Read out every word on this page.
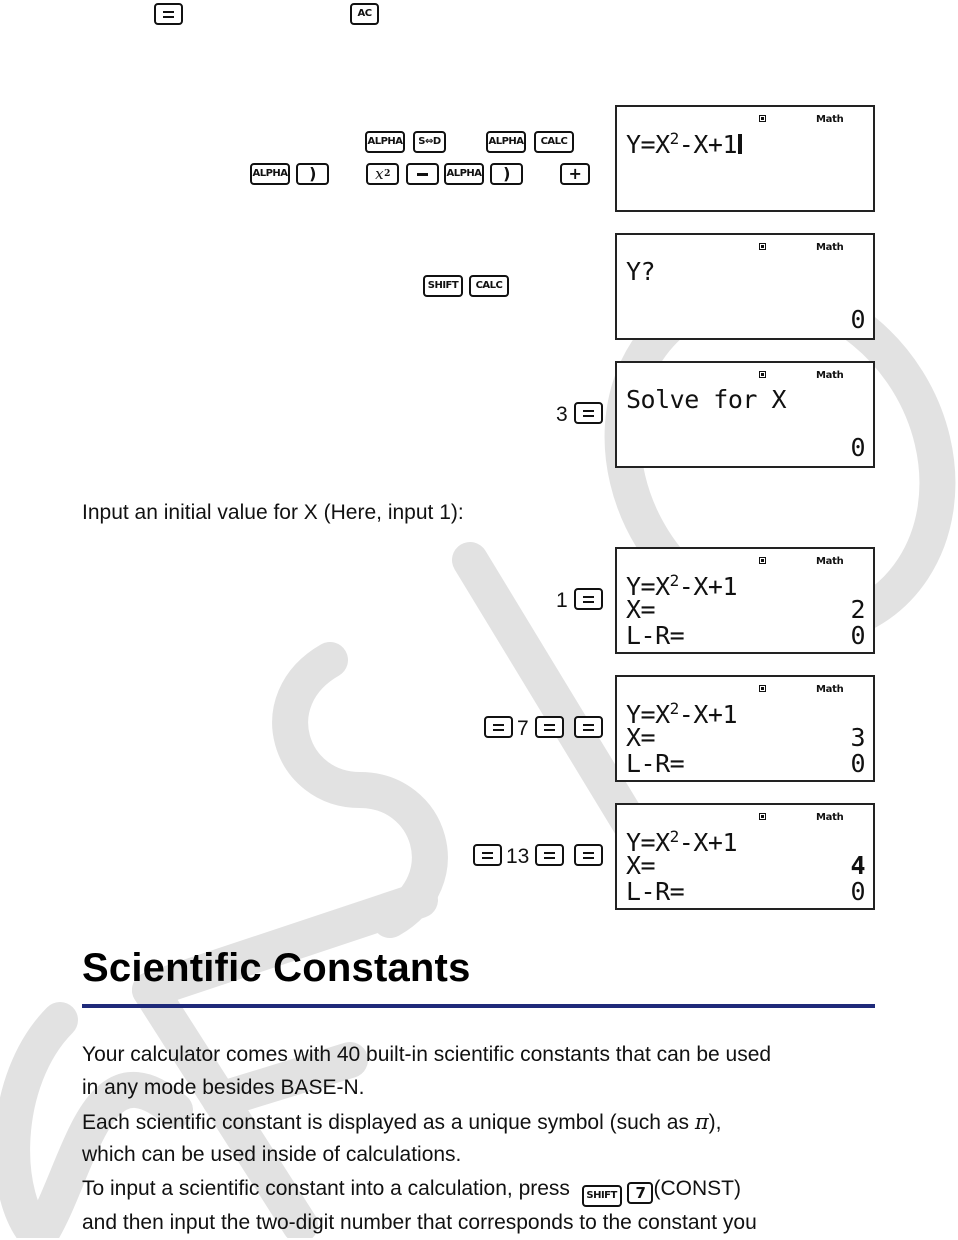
AC
ALPHA	S⇔D	ALPHA	CALC
ALPHA	)	x 2	ALPHA	)	+
Math
$Y=X^2-X+1$
SHIFT	CALC
Math
Y?
0
3
Math
Solve for X
0
Input an initial value for X (Here, input 1):
1
Math
$Y=X^2-X+1$
X=	2
L-R=	0
7
Math
$Y=X^2-X+1$
X=	3
L-R=	0
13
Math
$Y=X^2-X+1$
X=	4
L-R=	0
Scientific Constants
Your calculator comes with 40 built-in scientific constants that can be used
in any mode besides BASE-N.
Each scientific constant is displayed as a unique symbol (such as π),
which can be used inside of calculations.
To input a scientific constant into a calculation, press SHIFT 7 (CONST)
and then input the two-digit number that corresponds to the constant you
